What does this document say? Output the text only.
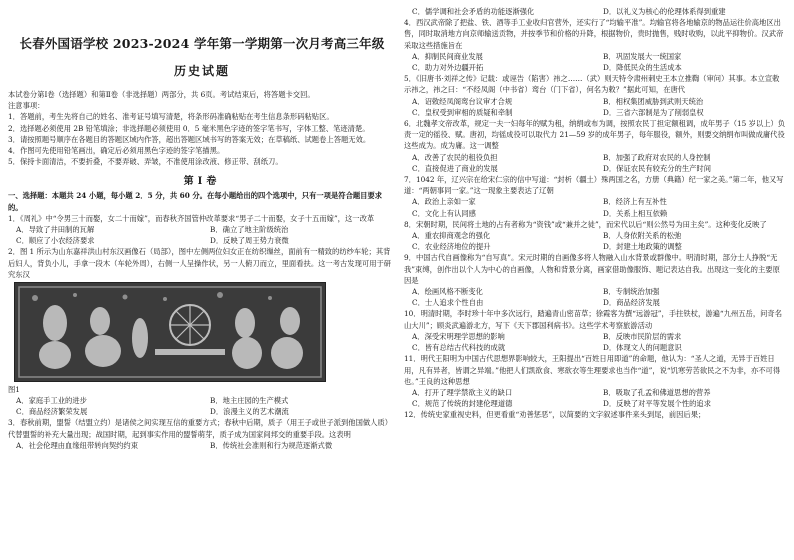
长春外国语学校 2023-2024 学年第一学期第一次月考高三年级
历史试题

本试卷分第Ⅰ卷（选择题）和第Ⅱ卷（非选择题）两部分，共 6页。考试结束后，将答题卡交回。

注意事项：

1．答题前，考生先将自己的姓名、准考证号填写清楚，将条形码准确粘贴在考生信息条形码粘贴区。

2．选择题必须使用 2B 铅笔填涂；非选择题必须使用 0．5 毫米黑色字迹的签字笔书写，字体工整、笔迹清楚。

3．请按照题号顺序在各题目的答题区域内作答，超出答题区域书写的答案无效；在草稿纸、试题卷上答题无效。

4．作图可先使用铅笔画出，确定后必须用黑色字迹的签字笔描黑。

5．保持卡面清洁，不要折叠，不要弄破、弄皱，不准使用涂改液、修正带、刮纸刀。

第Ⅰ卷

一、选择题：本题共 24 小题，每小题 2．5 分，共 60 分。在每小题给出的四个选项中，只有一项是符合题目要求的。

1．《周礼》中“令男三十而娶，女二十而嫁”，而春秋齐国管仲改革要求“男子二十而娶，女子十五而嫁”，这一改革

A．导致了井田制的瓦解	B．确立了地主阶级统治

C．顺应了小农经济要求	D．反映了周王势力衰微

2．图 1 所示为山东嘉祥洪山村东汉画像石（局部），图中左侧两位妇女正在纺织缫丝，面前有一精致的纺纱车轮；其背后妇人，背负小儿，手拿一段木（车轮外周），右侧一人呈操作状，另一人俯刀而立，里面看扶。这一考古发现可用于研究东汉

图1

A．家庭手工业的进步	B．地主庄园的生产模式

C．商品经济繁荣发展	D．浪漫主义的艺术潮流

3．春秋前期，盟誓（结盟立约）是诸侯之间实现互信的重要方式；春秋中后期，质子（用王子或世子派到他国做人质）代替盟誓的补充大量出现；战国时期，起到事实作用的盟誓萌芽，质子成为国家间邦交的重要手段。这表明

A．社会伦理由血缘纽带转向契约约束	B．传统社会准则和行为规范逐渐式微

C．儒学调和社会矛盾的功能逐渐强化	D．以礼义为核心的伦理体系得到重建

4．西汉武帝除了把盐、铁、酒等手工业收归官营外，还实行了“均输平准”。均输官将各地输京的物品运往价高地区出售，同时取消地方向京师输送贡物，并按季节和价格的升降，根据物价，贵时抛售，贱时收购，以此平抑物价。汉武帝采取这些措施旨在

A．抑制民间商业发展	B．巩固发展大一统国家

C．助力对外边疆开拓	D．降低民众的生活成本

5．《旧唐书·刘祥之传》记载：或诬告（陷害）祎之……（武）则天特令肃州刺史王本立推鞫（审问）其事。本立宣敕示祎之，祎之曰：“不经凤阁（中书省）鸾台（门下省），何名为敕？”据此可知，在唐代

A．诏敕经凤阁鸾台议审才合规	B．相权集团威胁到武则天统治

C．皇权受到审相的质疑和牵制	D．三省六部制是为了削弱皇权

6．北魏孝文帝改革，规定一夫一妇每年的赋为租，纳绢或布为调，按照农民丁担定额租调，成年男子（15 岁以上）负责一定的徭役、赋。唐初，均徭成役可以取代力 21—59 岁的成年男子，每年服役，额外，则要交纳绢布叫做成庸代役这些成为。成为庸。这一调整

A．改善了农民的租役负担	B．加强了政府对农民的人身控制

C．直接促进了商业的发展	D．保证农民有较充分的生产时间

7．1042 年，辽兴宗在给宋仁宗的信中写道：“封析（疆土）殊两国之名，方册（典籍）纪一家之美。”第二年，他又写道：“两朝事同一家。”这一现象主要表达了辽朝

A．政治上亲如一家	B．经济上有互补性

C．文化上有认同感	D．关系上相互依赖

8．宋朝时期，民间将土地的占有者称为“资钱”或“兼并之徒”，而宋代以后“则公然号为田主矣”。这种变化反映了

A．重农抑商观念的强化	B．人身依附关系的松弛

C．农业经济地位的提升	D．封建土地政策的调整

9．中国古代自画像称为“自写真”。宋元时期的自画像多将人物融入山水背景或群像中。明清时期，部分士人挣脱“无我”束缚，创作出以个人为中心的自画像，人物和背景分离，画家借助像服饰、题记表达自我。出现这一变化的主要原因是

A．绘画风格不断变化	B．专制统治加强

C．士人追求个性自由	D．商品经济发展

10．明清时期，李时珍十年中多次远行，踏遍青山密苗草；徐霞客为撰“远游冠”，手拄铁杖，游遍“九州五岳，问奇名山大川”；顾炎武遍游北方，写下《天下郡国利病书》。这些学术考察旅游活动

A．深受宋明理学思想的影响	B．反映市民阶层的需求

C．皆有总结古代科技的成就	D．体现文人的问题意识

11．明代王阳明为中国古代思想界影响较大，王阳提出“百姓日用即道”的命题，他认为：“圣人之道，无异于百姓日用，凡有异者，皆谓之异端。”他把人们凯欲食、寒欲衣等生理要求也当作“道”，说“饥寒劳苦欲民之不为非，亦不可得也。”王良的这种思想

A．打开了理学禁欲主义的缺口	B．吸取了孔孟和佛道思想的营养

C．规范了传统的封建伦理道德	D．反映了对平等发展个性的追求

12．传统史家重视史料，但更看重“劝善惩恶”，以简要的文字叙述事件来头到尾，前因后果；
